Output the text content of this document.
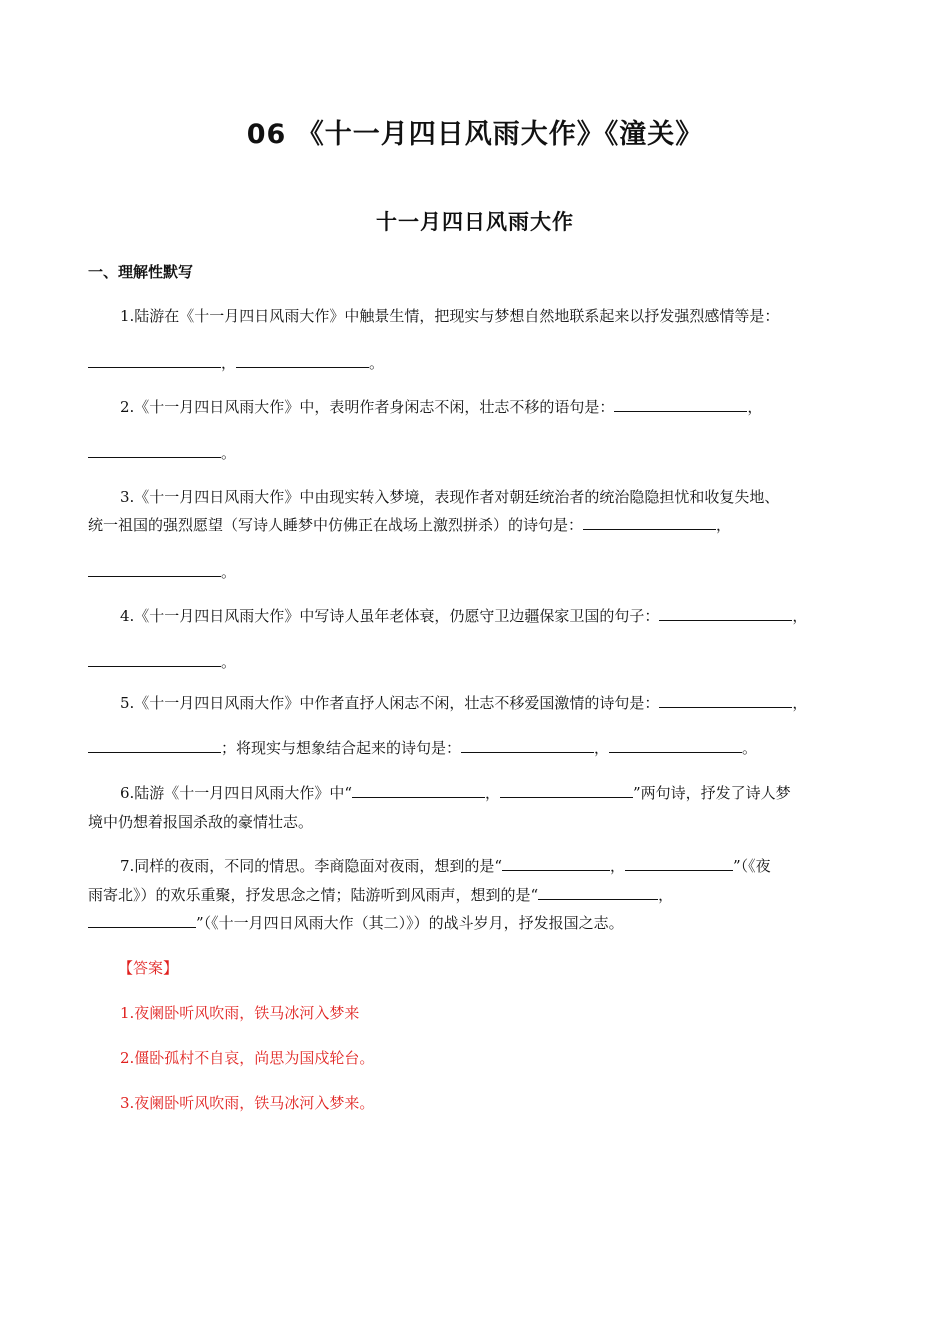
06 《十一月四日风雨大作》《潼关》
十一月四日风雨大作
一、理解性默写
1.陆游在《十一月四日风雨大作》中触景生情，把现实与梦想自然地联系起来以抒发强烈感情等是：
，	。
2.《十一月四日风雨大作》中，表明作者身闲志不闲，壮志不移的语句是：	，
。
3.《十一月四日风雨大作》中由现实转入梦境，表现作者对朝廷统治者的统治隐隐担忧和收复失地、
统一祖国的强烈愿望（写诗人睡梦中仿佛正在战场上激烈拼杀）的诗句是：	，
。
4.《十一月四日风雨大作》中写诗人虽年老体衰，仍愿守卫边疆保家卫国的句子：	，
。
5.《十一月四日风雨大作》中作者直抒人闲志不闲，壮志不移爱国激情的诗句是：	，
；将现实与想象结合起来的诗句是：	，	。
6.陆游《十一月四日风雨大作》中“	，	”两句诗，抒发了诗人梦
境中仍想着报国杀敌的豪情壮志。
7.同样的夜雨，不同的情思。李商隐面对夜雨，想到的是“	，	”（《夜
雨寄北》）的欢乐重聚，抒发思念之情；陆游听到风雨声，想到的是“	，
”（《十一月四日风雨大作（其二）》）的战斗岁月，抒发报国之志。
【答案】
1.夜阑卧听风吹雨，铁马冰河入梦来
2.僵卧孤村不自哀，尚思为国戍轮台。
3.夜阑卧听风吹雨，铁马冰河入梦来。
